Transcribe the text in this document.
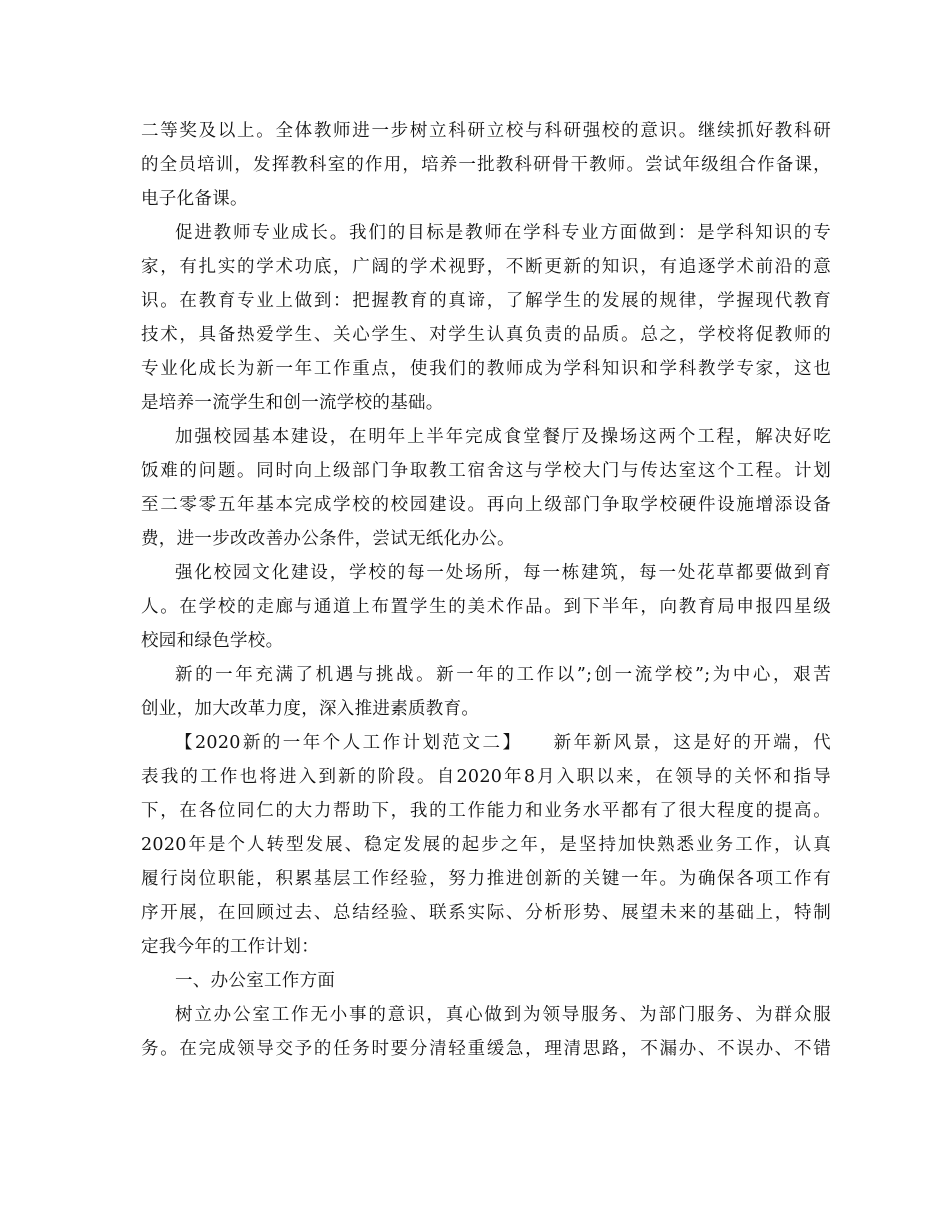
二等奖及以上。全体教师进一步树立科研立校与科研强校的意识。继续抓好教科研
的全员培训，发挥教科室的作用，培养一批教科研骨干教师。尝试年级组合作备课，
电子化备课。
促进教师专业成长。我们的目标是教师在学科专业方面做到：是学科知识的专
家，有扎实的学术功底，广阔的学术视野，不断更新的知识，有追逐学术前沿的意
识。在教育专业上做到：把握教育的真谛，了解学生的发展的规律，学握现代教育
技术，具备热爱学生、关心学生、对学生认真负责的品质。总之，学校将促教师的
专业化成长为新一年工作重点，使我们的教师成为学科知识和学科教学专家，这也
是培养一流学生和创一流学校的基础。
加强校园基本建设，在明年上半年完成食堂餐厅及操场这两个工程，解决好吃
饭难的问题。同时向上级部门争取教工宿舍这与学校大门与传达室这个工程。计划
至二零零五年基本完成学校的校园建设。再向上级部门争取学校硬件设施增添设备
费，进一步改改善办公条件，尝试无纸化办公。
强化校园文化建设，学校的每一处场所，每一栋建筑，每一处花草都要做到育
人。在学校的走廊与通道上布置学生的美术作品。到下半年，向教育局申报四星级
校园和绿色学校。
新的一年充满了机遇与挑战。新一年的工作以”;创一流学校”;为中心，艰苦
创业，加大改革力度，深入推进素质教育。
【2020新的一年个人工作计划范文二】　　新年新风景，这是好的开端，代
表我的工作也将进入到新的阶段。自2020年8月入职以来，在领导的关怀和指导
下，在各位同仁的大力帮助下，我的工作能力和业务水平都有了很大程度的提高。
2020年是个人转型发展、稳定发展的起步之年，是坚持加快熟悉业务工作，认真
履行岗位职能，积累基层工作经验，努力推进创新的关键一年。为确保各项工作有
序开展，在回顾过去、总结经验、联系实际、分析形势、展望未来的基础上，特制
定我今年的工作计划：
一、办公室工作方面
树立办公室工作无小事的意识，真心做到为领导服务、为部门服务、为群众服
务。在完成领导交予的任务时要分清轻重缓急，理清思路，不漏办、不误办、不错
